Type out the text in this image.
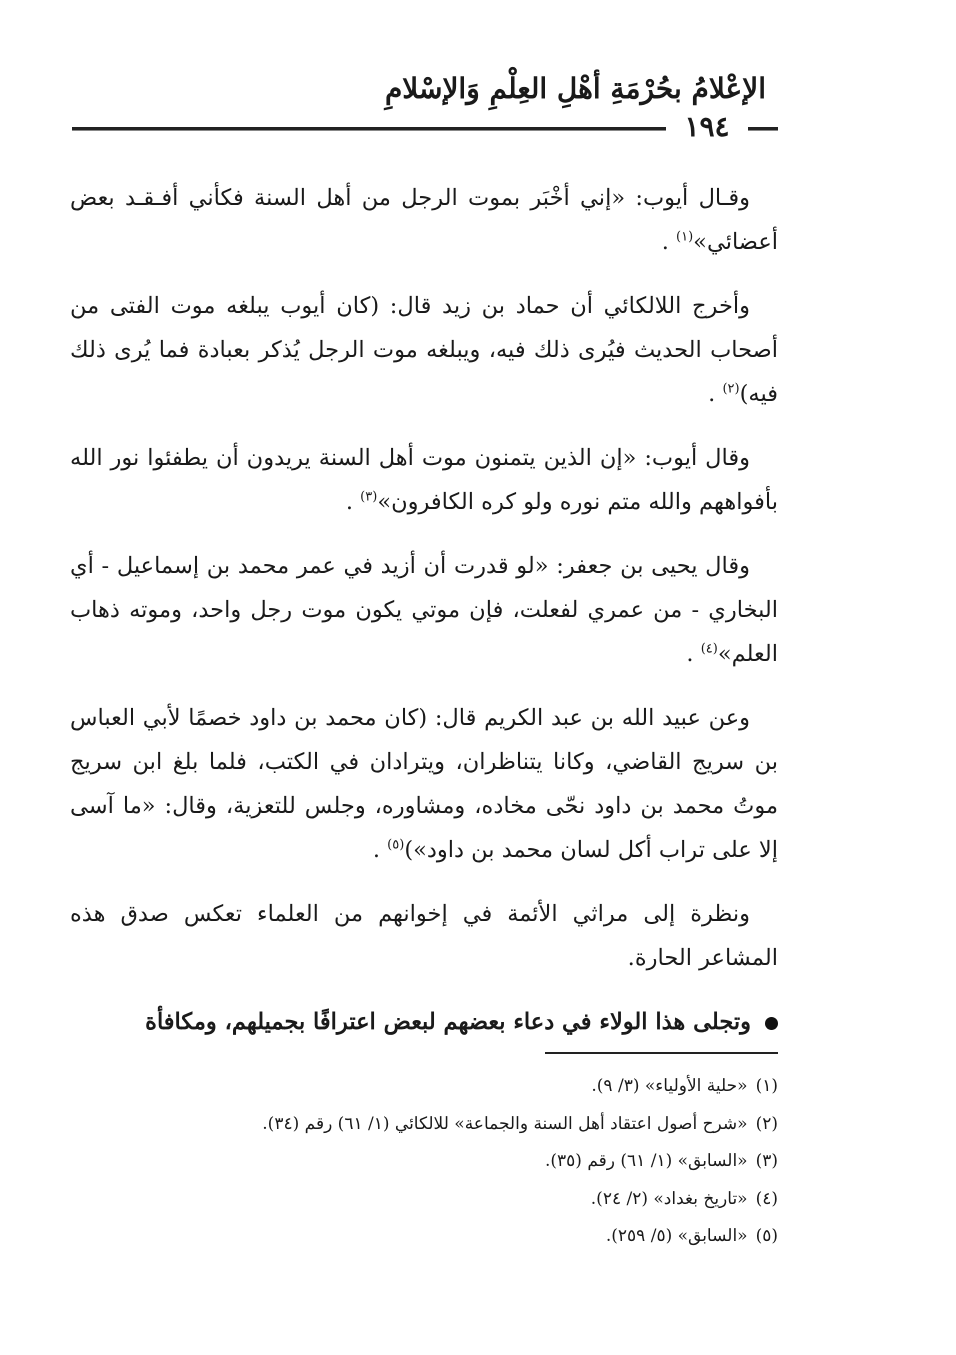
الإعْلامُ بحُرْمَةِ أهْلِ العِلْمِ وَالإسْلامِ
١٩٤

وقـال أيوب: «إني أخْبَر بموت الرجل من أهل السنة فكأني أفـقـد بعض أعضائي»$^{(١)}$ .

وأخرج اللالكائي أن حماد بن زيد قال: (كان أيوب يبلغه موت الفتى من أصحاب الحديث فيُرى ذلك فيه، ويبلغه موت الرجل يُذكر بعبادة فما يُرى ذلك فيه)$^{(٢)}$ .

وقال أيوب: «إن الذين يتمنون موت أهل السنة يريدون أن يطفئوا نور الله بأفواههم والله متم نوره ولو كره الكافرون»$^{(٣)}$ .

وقال يحيى بن جعفر: «لو قدرت أن أزيد في عمر محمد بن إسماعيل - أي البخاري - من عمري لفعلت، فإن موتي يكون موت رجل واحد، وموته ذهاب العلم»$^{(٤)}$ .

وعن عبيد الله بن عبد الكريم قال: (كان محمد بن داود خصمًا لأبي العباس بن سريج القاضي، وكانا يتناظران، ويترادان في الكتب، فلما بلغ ابن سريج موتُ محمد بن داود نحّى مخاده، ومشاوره، وجلس للتعزية، وقال: «ما آسى إلا على تراب أكل لسان محمد بن داود»)$^{(٥)}$ .

ونظرة إلى مراثي الأئمة في إخوانهم من العلماء تعكس صدق هذه المشاعر الحارة.

وتجلى هذا الولاء في دعاء بعضهم لبعض اعترافًا بجميلهم، ومكافأة

(١)«حلية الأولياء» (٣/ ٩).
(٢)«شرح أصول اعتقاد أهل السنة والجماعة» للالكائي (١/ ٦١) رقم (٣٤).
(٣)«السابق» (١/ ٦١) رقم (٣٥).
(٤)«تاريخ بغداد» (٢/ ٢٤).
(٥)«السابق» (٥/ ٢٥٩).
